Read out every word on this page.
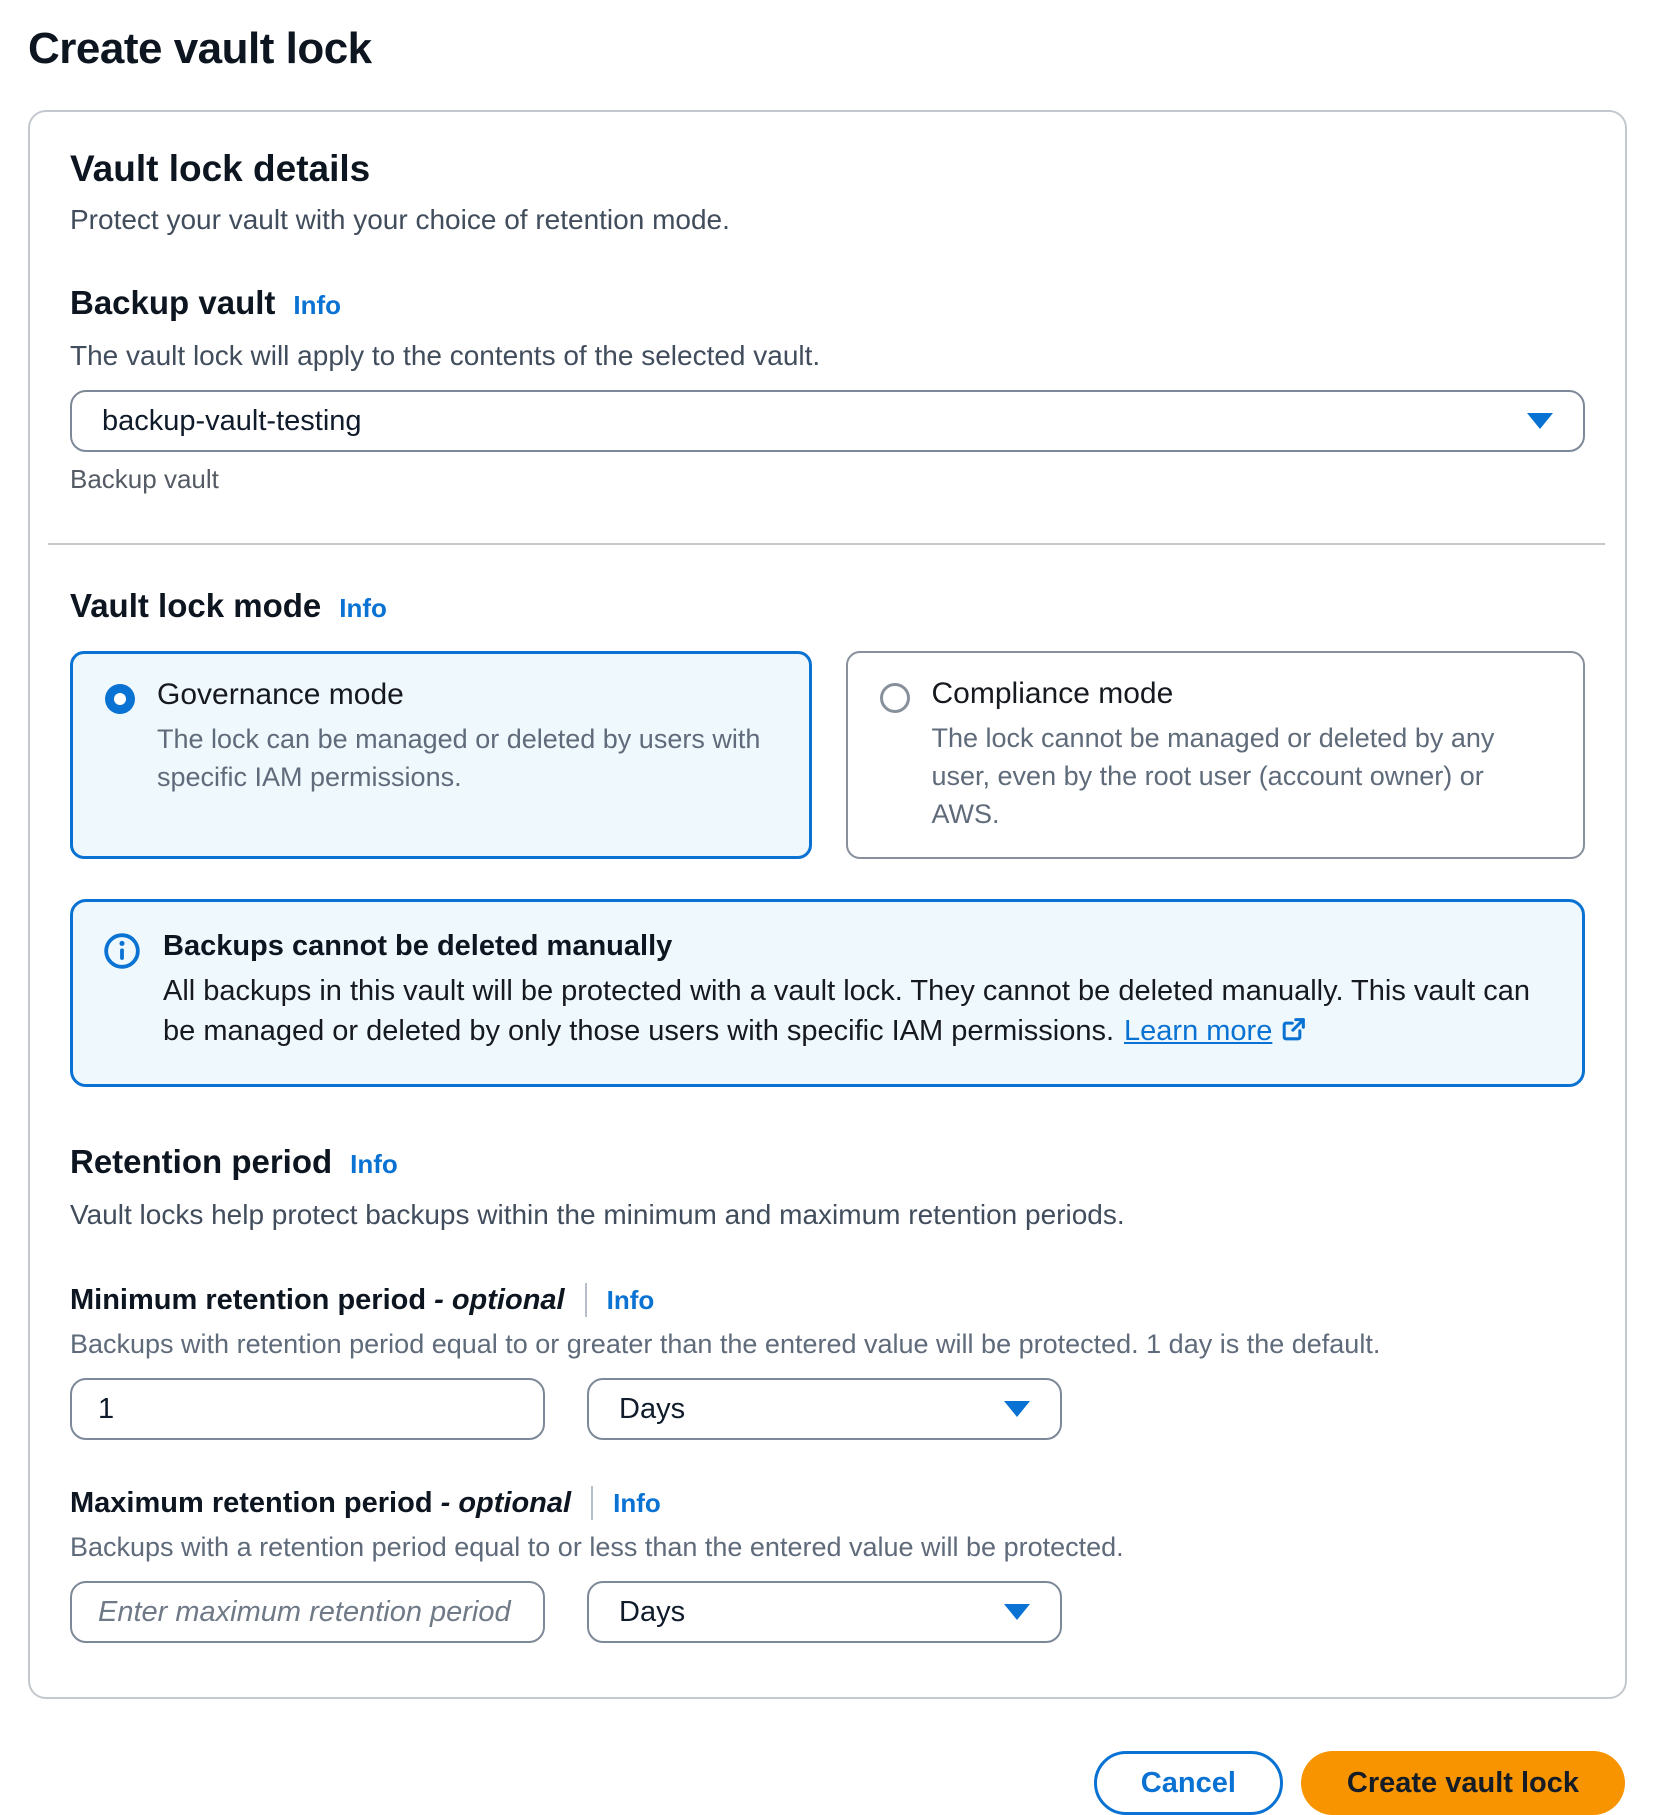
Create vault lock
Vault lock details

Protect your vault with your choice of retention mode.

Backup vault Info

The vault lock will apply to the contents of the selected vault.

backup-vault-testing

Backup vault

Vault lock mode Info
Governance mode
The lock can be managed or deleted by users with specific IAM permissions.
Compliance mode
The lock cannot be managed or deleted by any user, even by the root user (account owner) or AWS.
Backups cannot be deleted manually
All backups in this vault will be protected with a vault lock. They cannot be deleted manually. This vault can be managed or deleted by only those users with specific IAM permissions. Learn more
Retention period Info

Vault locks help protect backups within the minimum and maximum retention periods.

Minimum retention period - optional Info

Backups with retention period equal to or greater than the entered value will be protected. 1 day is the default.

1
Days
Maximum retention period - optional Info

Backups with a retention period equal to or less than the entered value will be protected.

Enter maximum retention period
Days
Cancel	Create vault lock
